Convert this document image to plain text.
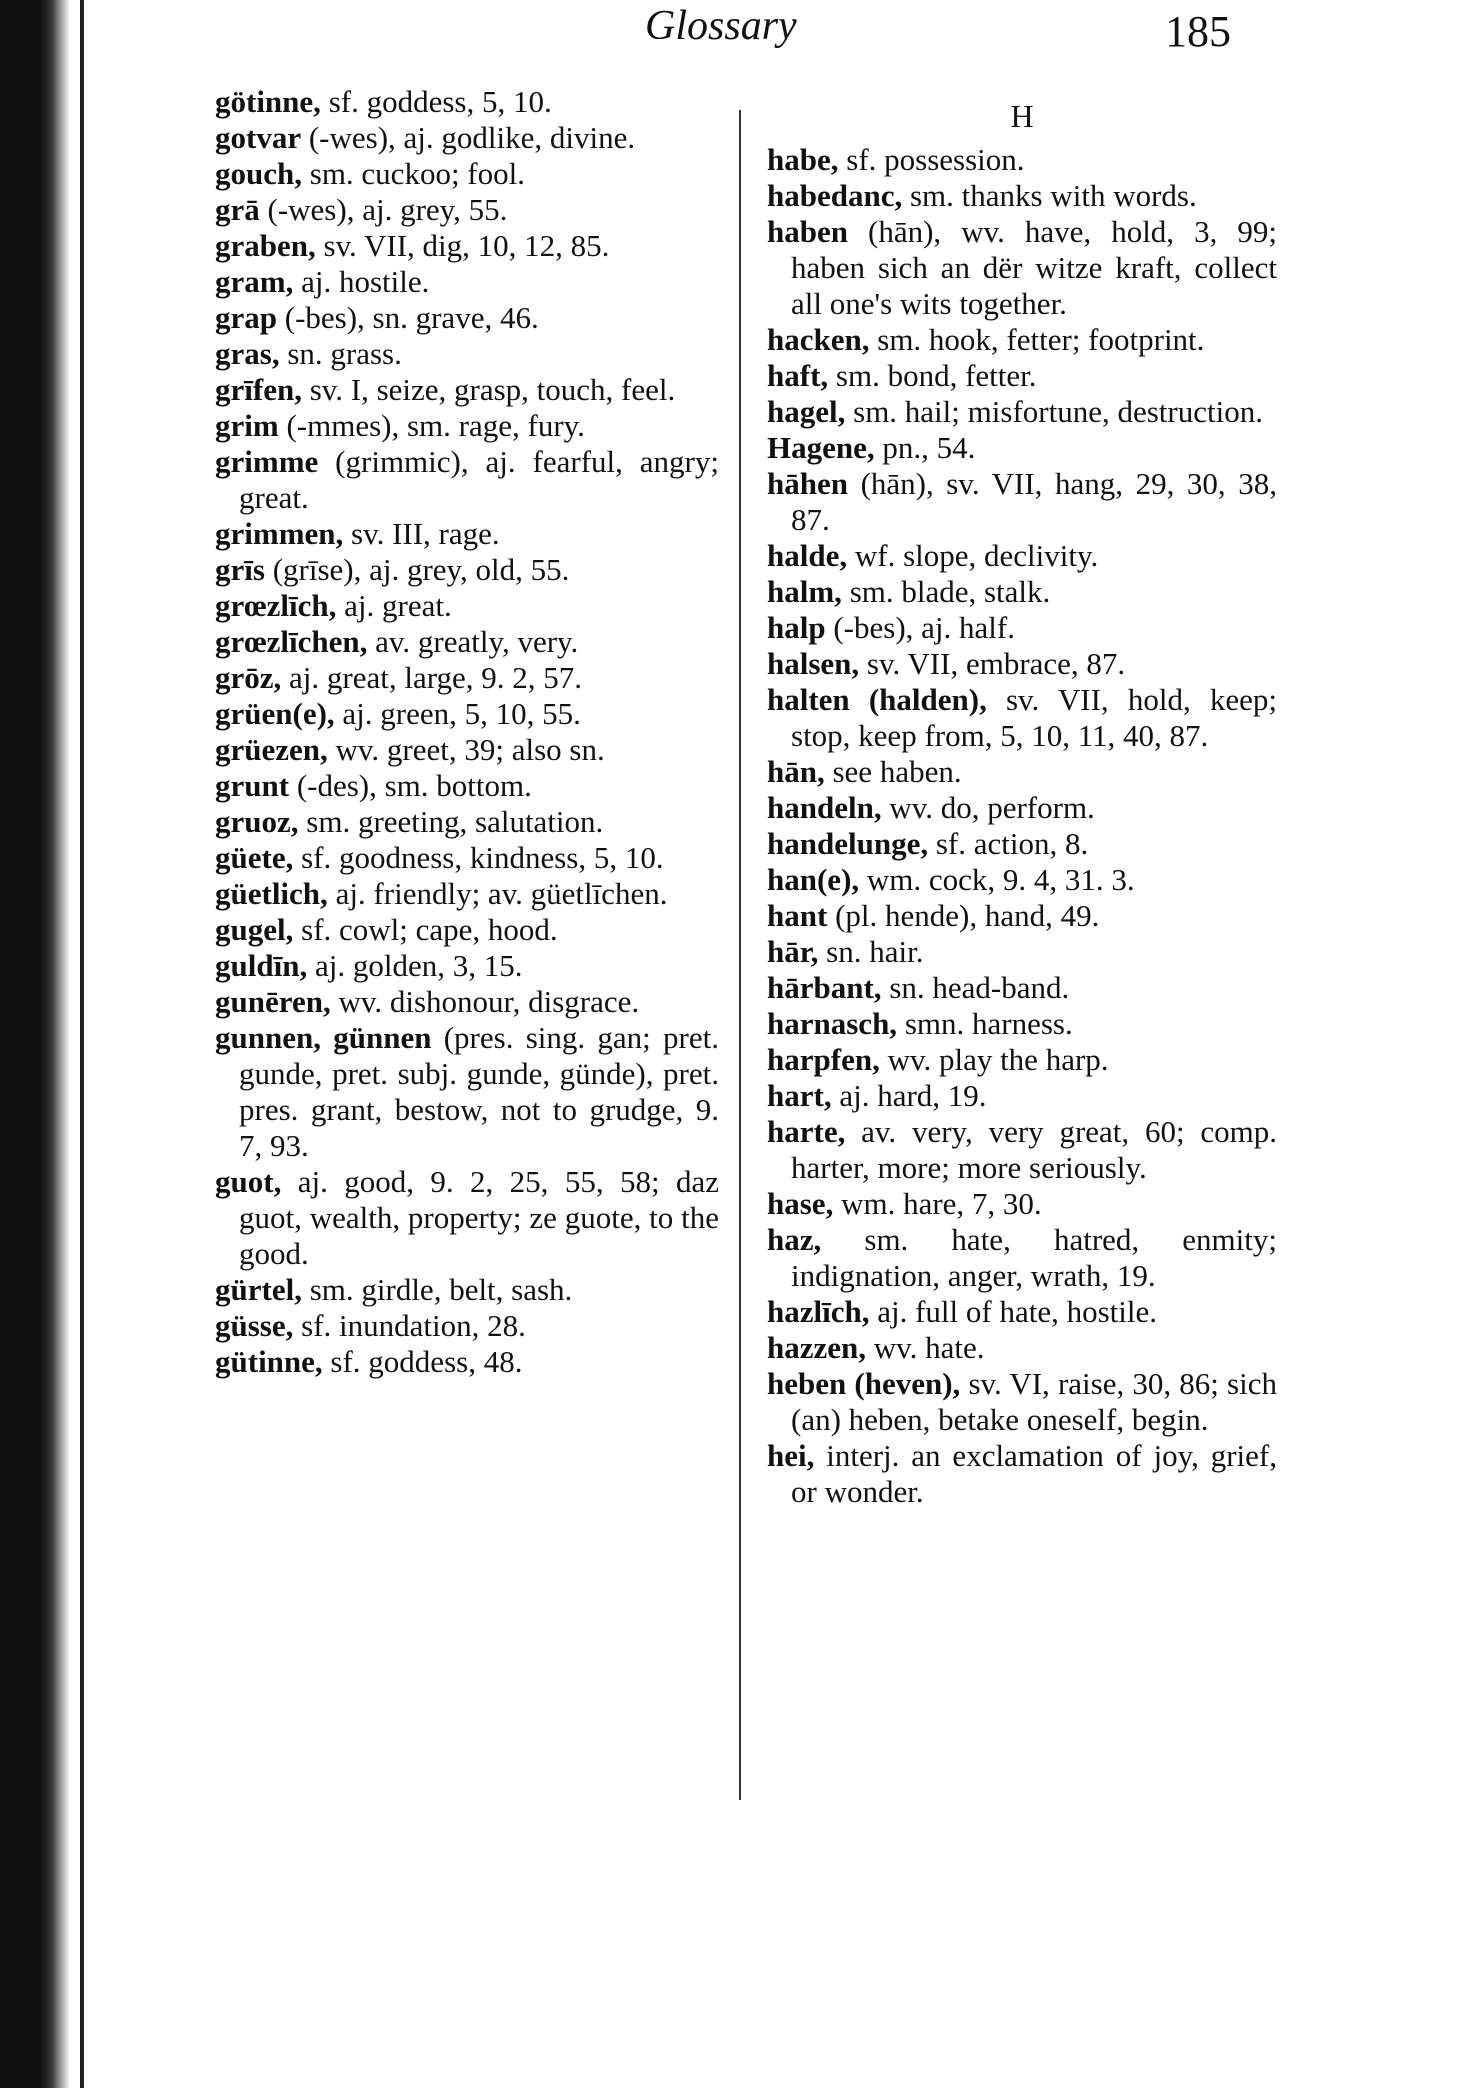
Glossary	185

götinne, sf. goddess, 5, 10.

gotvar (-wes), aj. godlike, divine.

gouch, sm. cuckoo; fool.

grā (-wes), aj. grey, 55.

graben, sv. VII, dig, 10, 12, 85.

gram, aj. hostile.

grap (-bes), sn. grave, 46.

gras, sn. grass.

grīfen, sv. I, seize, grasp, touch, feel.

grim (-mmes), sm. rage, fury.

grimme (grimmic), aj. fearful, angry; great.

grimmen, sv. III, rage.

grīs (grīse), aj. grey, old, 55.

grœzlīch, aj. great.

grœzlīchen, av. greatly, very.

grōz, aj. great, large, 9. 2, 57.

grüen(e), aj. green, 5, 10, 55.

grüezen, wv. greet, 39; also sn.

grunt (-des), sm. bottom.

gruoz, sm. greeting, salutation.

güete, sf. goodness, kindness, 5, 10.

güetlich, aj. friendly; av. güetlīchen.

gugel, sf. cowl; cape, hood.

guldīn, aj. golden, 3, 15.

gunēren, wv. dishonour, disgrace.

gunnen, günnen (pres. sing. gan; pret. gunde, pret. subj. gunde, günde), pret. pres. grant, bestow, not to grudge, 9. 7, 93.

guot, aj. good, 9. 2, 25, 55, 58; daz guot, wealth, property; ze guote, to the good.

gürtel, sm. girdle, belt, sash.

güsse, sf. inundation, 28.

gütinne, sf. goddess, 48.

H

habe, sf. possession.

habedanc, sm. thanks with words.

haben (hān), wv. have, hold, 3, 99; haben sich an dër witze kraft, collect all one's wits together.

hacken, sm. hook, fetter; footprint.

haft, sm. bond, fetter.

hagel, sm. hail; misfortune, destruction.

Hagene, pn., 54.

hāhen (hān), sv. VII, hang, 29, 30, 38, 87.

halde, wf. slope, declivity.

halm, sm. blade, stalk.

halp (-bes), aj. half.

halsen, sv. VII, embrace, 87.

halten (halden), sv. VII, hold, keep; stop, keep from, 5, 10, 11, 40, 87.

hān, see haben.

handeln, wv. do, perform.

handelunge, sf. action, 8.

han(e), wm. cock, 9. 4, 31. 3.

hant (pl. hende), hand, 49.

hār, sn. hair.

hārbant, sn. head-band.

harnasch, smn. harness.

harpfen, wv. play the harp.

hart, aj. hard, 19.

harte, av. very, very great, 60; comp. harter, more; more seriously.

hase, wm. hare, 7, 30.

haz, sm. hate, hatred, enmity; indignation, anger, wrath, 19.

hazlīch, aj. full of hate, hostile.

hazzen, wv. hate.

heben (heven), sv. VI, raise, 30, 86; sich (an) heben, betake oneself, begin.

hei, interj. an exclamation of joy, grief, or wonder.
